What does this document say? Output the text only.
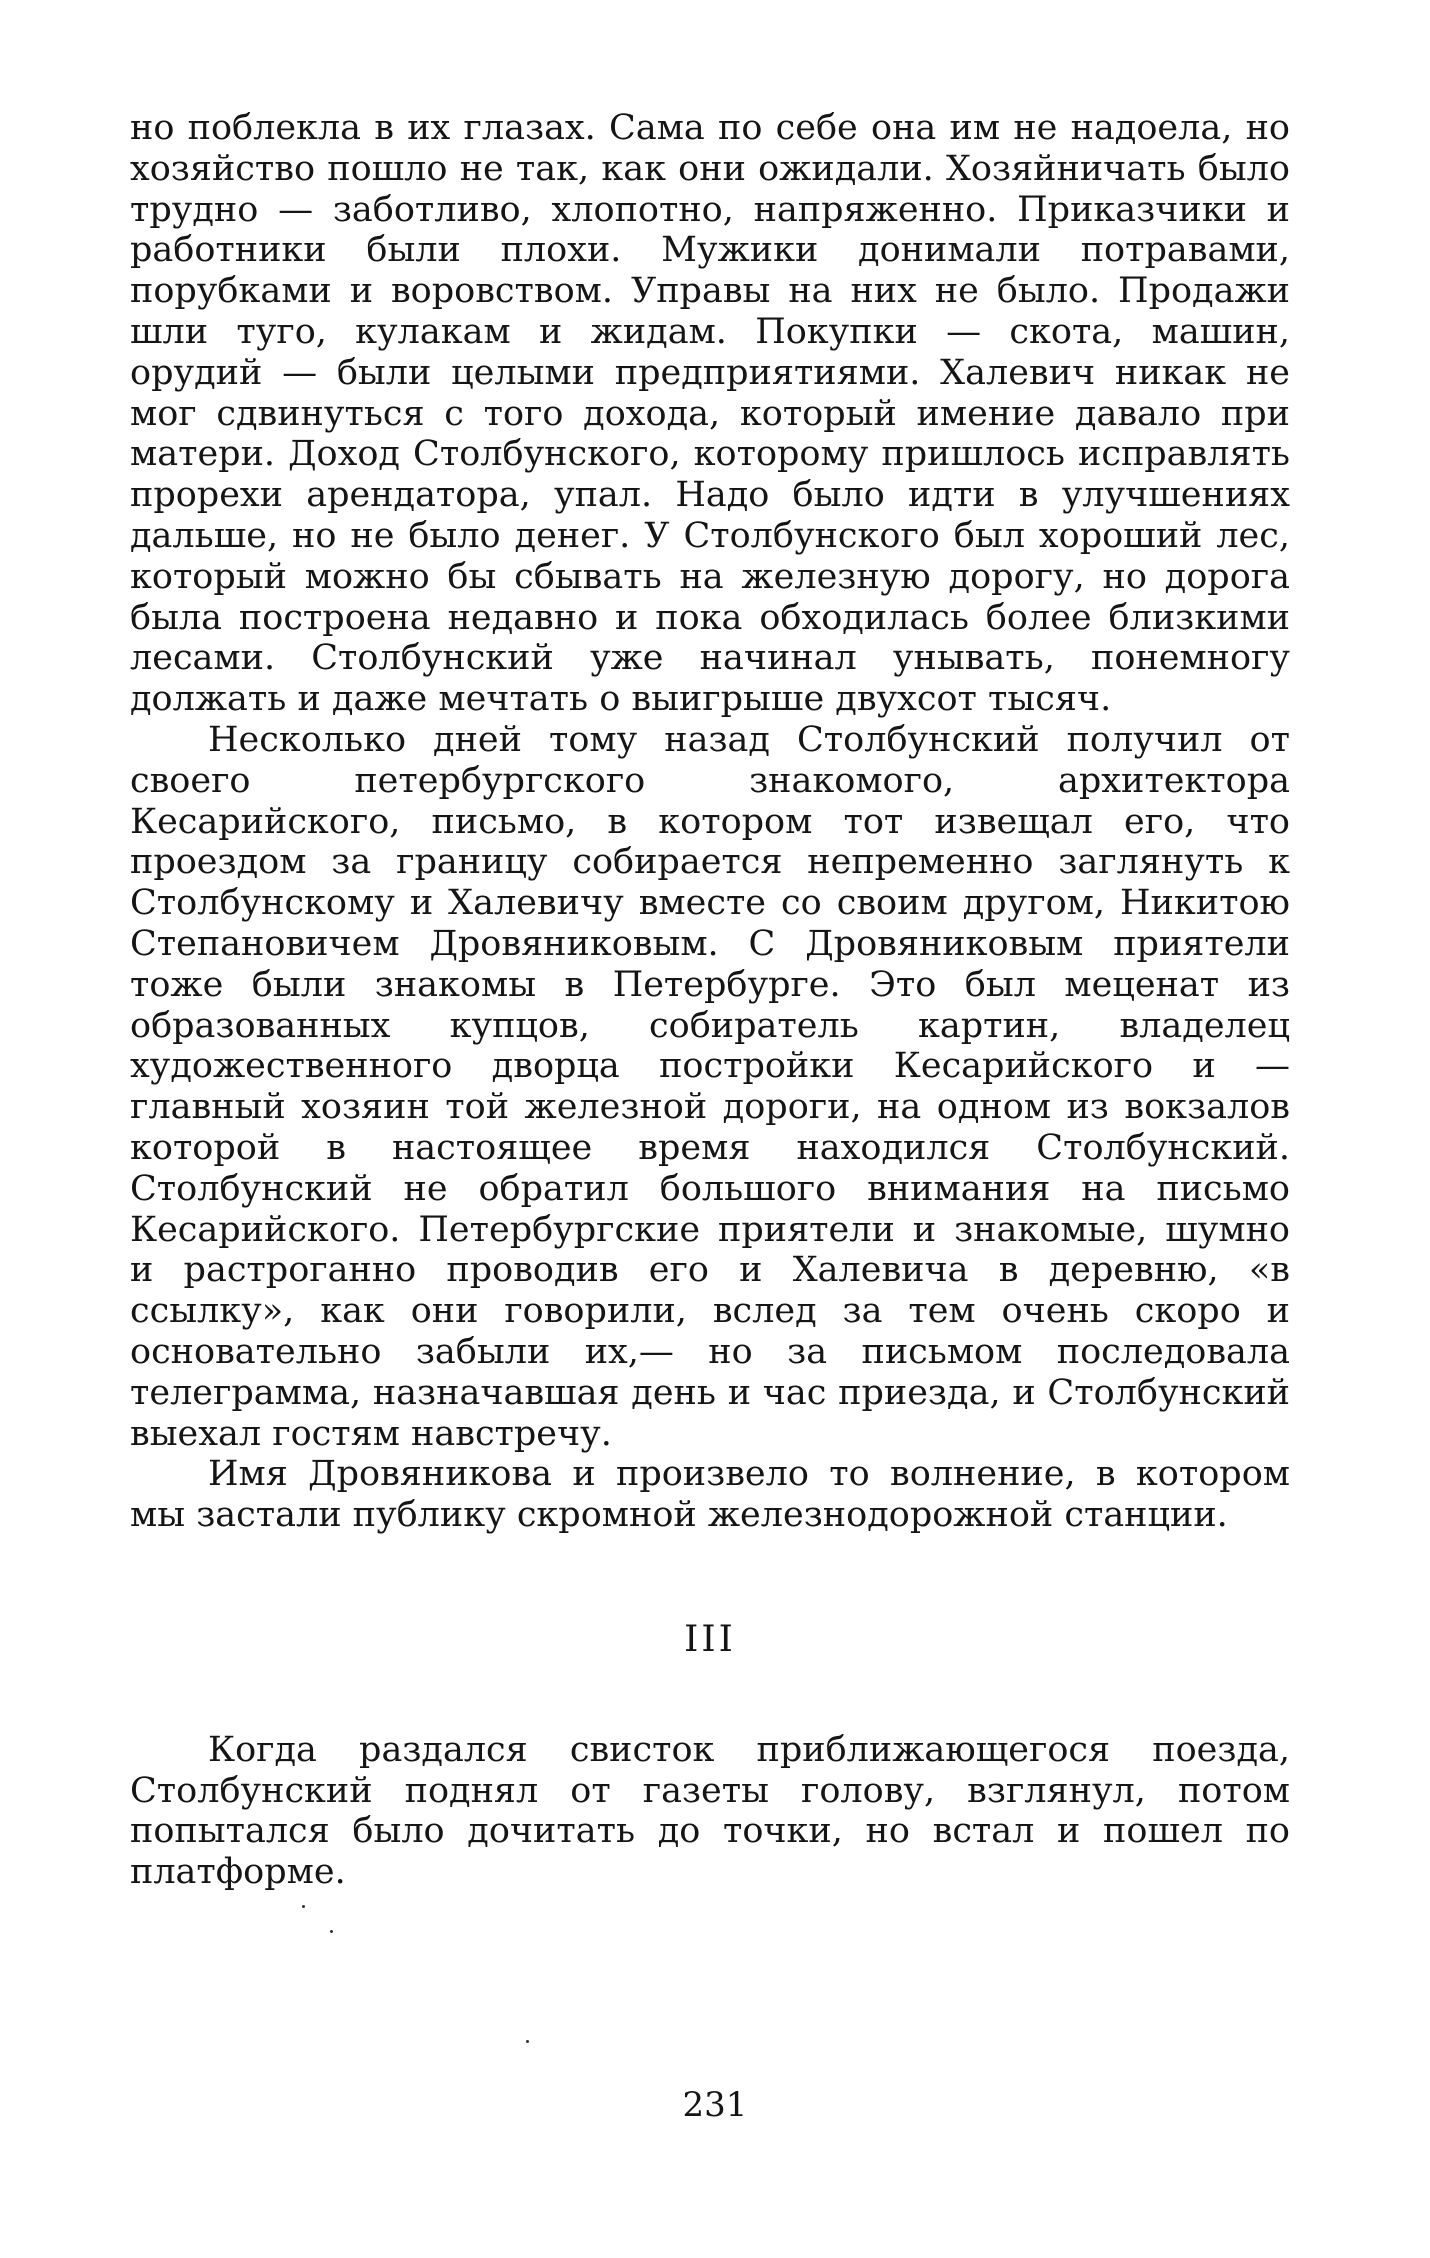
но поблекла в их глазах. Сама по себе она им не надоела, но хозяйство пошло не так, как они ожидали. Хозяйничать было трудно — заботливо, хлопотно, напряженно. Приказчики и работники были плохи. Мужики донимали потравами, порубками и воровством. Управы на них не было. Продажи шли туго, кулакам и жидам. Покупки — скота, машин, орудий — были целыми предприятиями. Халевич никак не мог сдвинуться с того дохода, который имение давало при матери. Доход Столбунского, которому пришлось исправлять прорехи арендатора, упал. Надо было идти в улучшениях дальше, но не было денег. У Столбунского был хороший лес, который можно бы сбывать на железную дорогу, но дорога была построена недавно и пока обходилась более близкими лесами. Столбунский уже начинал унывать, понемногу должать и даже мечтать о выигрыше двухсот тысяч.

Несколько дней тому назад Столбунский получил от своего петербургского знакомого, архитектора Кесарийского, письмо, в котором тот извещал его, что проездом за границу собирается непременно заглянуть к Столбунскому и Халевичу вместе со своим другом, Никитою Степановичем Дровяниковым. С Дровяниковым приятели тоже были знакомы в Петербурге. Это был меценат из образованных купцов, собиратель картин, владелец художественного дворца постройки Кесарийского и — главный хозяин той железной дороги, на одном из вокзалов которой в настоящее время находился Столбунский. Столбунский не обратил большого внимания на письмо Кесарийского. Петербургские приятели и знакомые, шумно и растроганно проводив его и Халевича в деревню, «в ссылку», как они говорили, вслед за тем очень скоро и основательно забыли их,— но за письмом последовала телеграмма, назначавшая день и час приезда, и Столбунский выехал гостям навстречу.

Имя Дровяникова и произвело то волнение, в котором мы застали публику скромной железнодорожной станции.

III

Когда раздался свисток приближающегося поезда, Столбунский поднял от газеты голову, взглянул, потом попытался было дочитать до точки, но встал и пошел по платформе.

231
